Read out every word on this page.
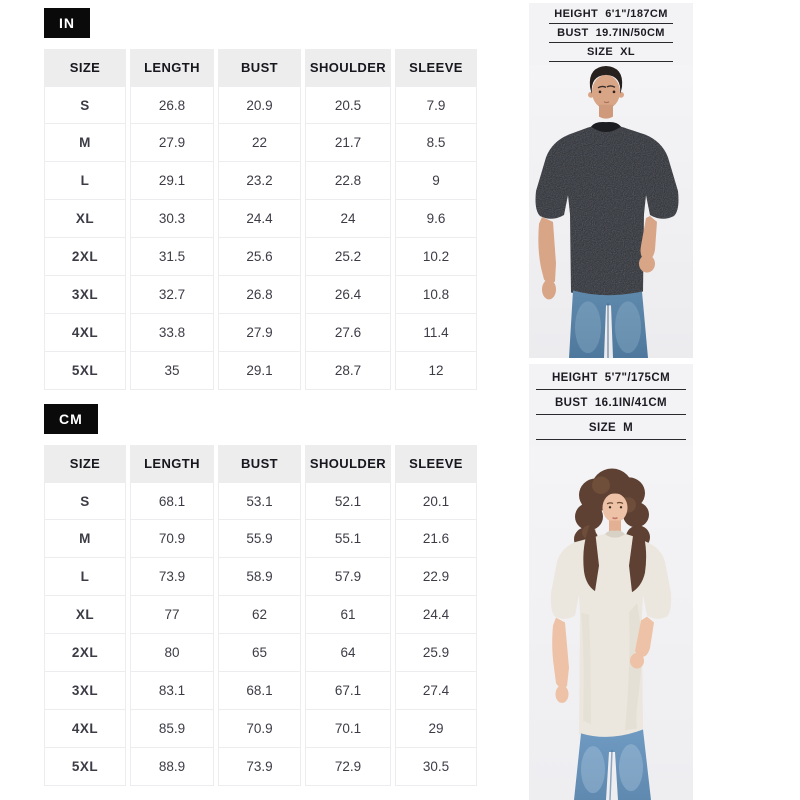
IN
SIZE	LENGTH	BUST	SHOULDER	SLEEVE
S	26.8	20.9	20.5	7.9
M	27.9	22	21.7	8.5
L	29.1	23.2	22.8	9
XL	30.3	24.4	24	9.6
2XL	31.5	25.6	25.2	10.2
3XL	32.7	26.8	26.4	10.8
4XL	33.8	27.9	27.6	11.4
5XL	35	29.1	28.7	12
CM
SIZE	LENGTH	BUST	SHOULDER	SLEEVE
S	68.1	53.1	52.1	20.1
M	70.9	55.9	55.1	21.6
L	73.9	58.9	57.9	22.9
XL	77	62	61	24.4
2XL	80	65	64	25.9
3XL	83.1	68.1	67.1	27.4
4XL	85.9	70.9	70.1	29
5XL	88.9	73.9	72.9	30.5
HEIGHT 6'1"/187CM
BUST 19.7IN/50CM
SIZE XL
HEIGHT 5'7"/175CM
BUST 16.1IN/41CM
SIZE M
